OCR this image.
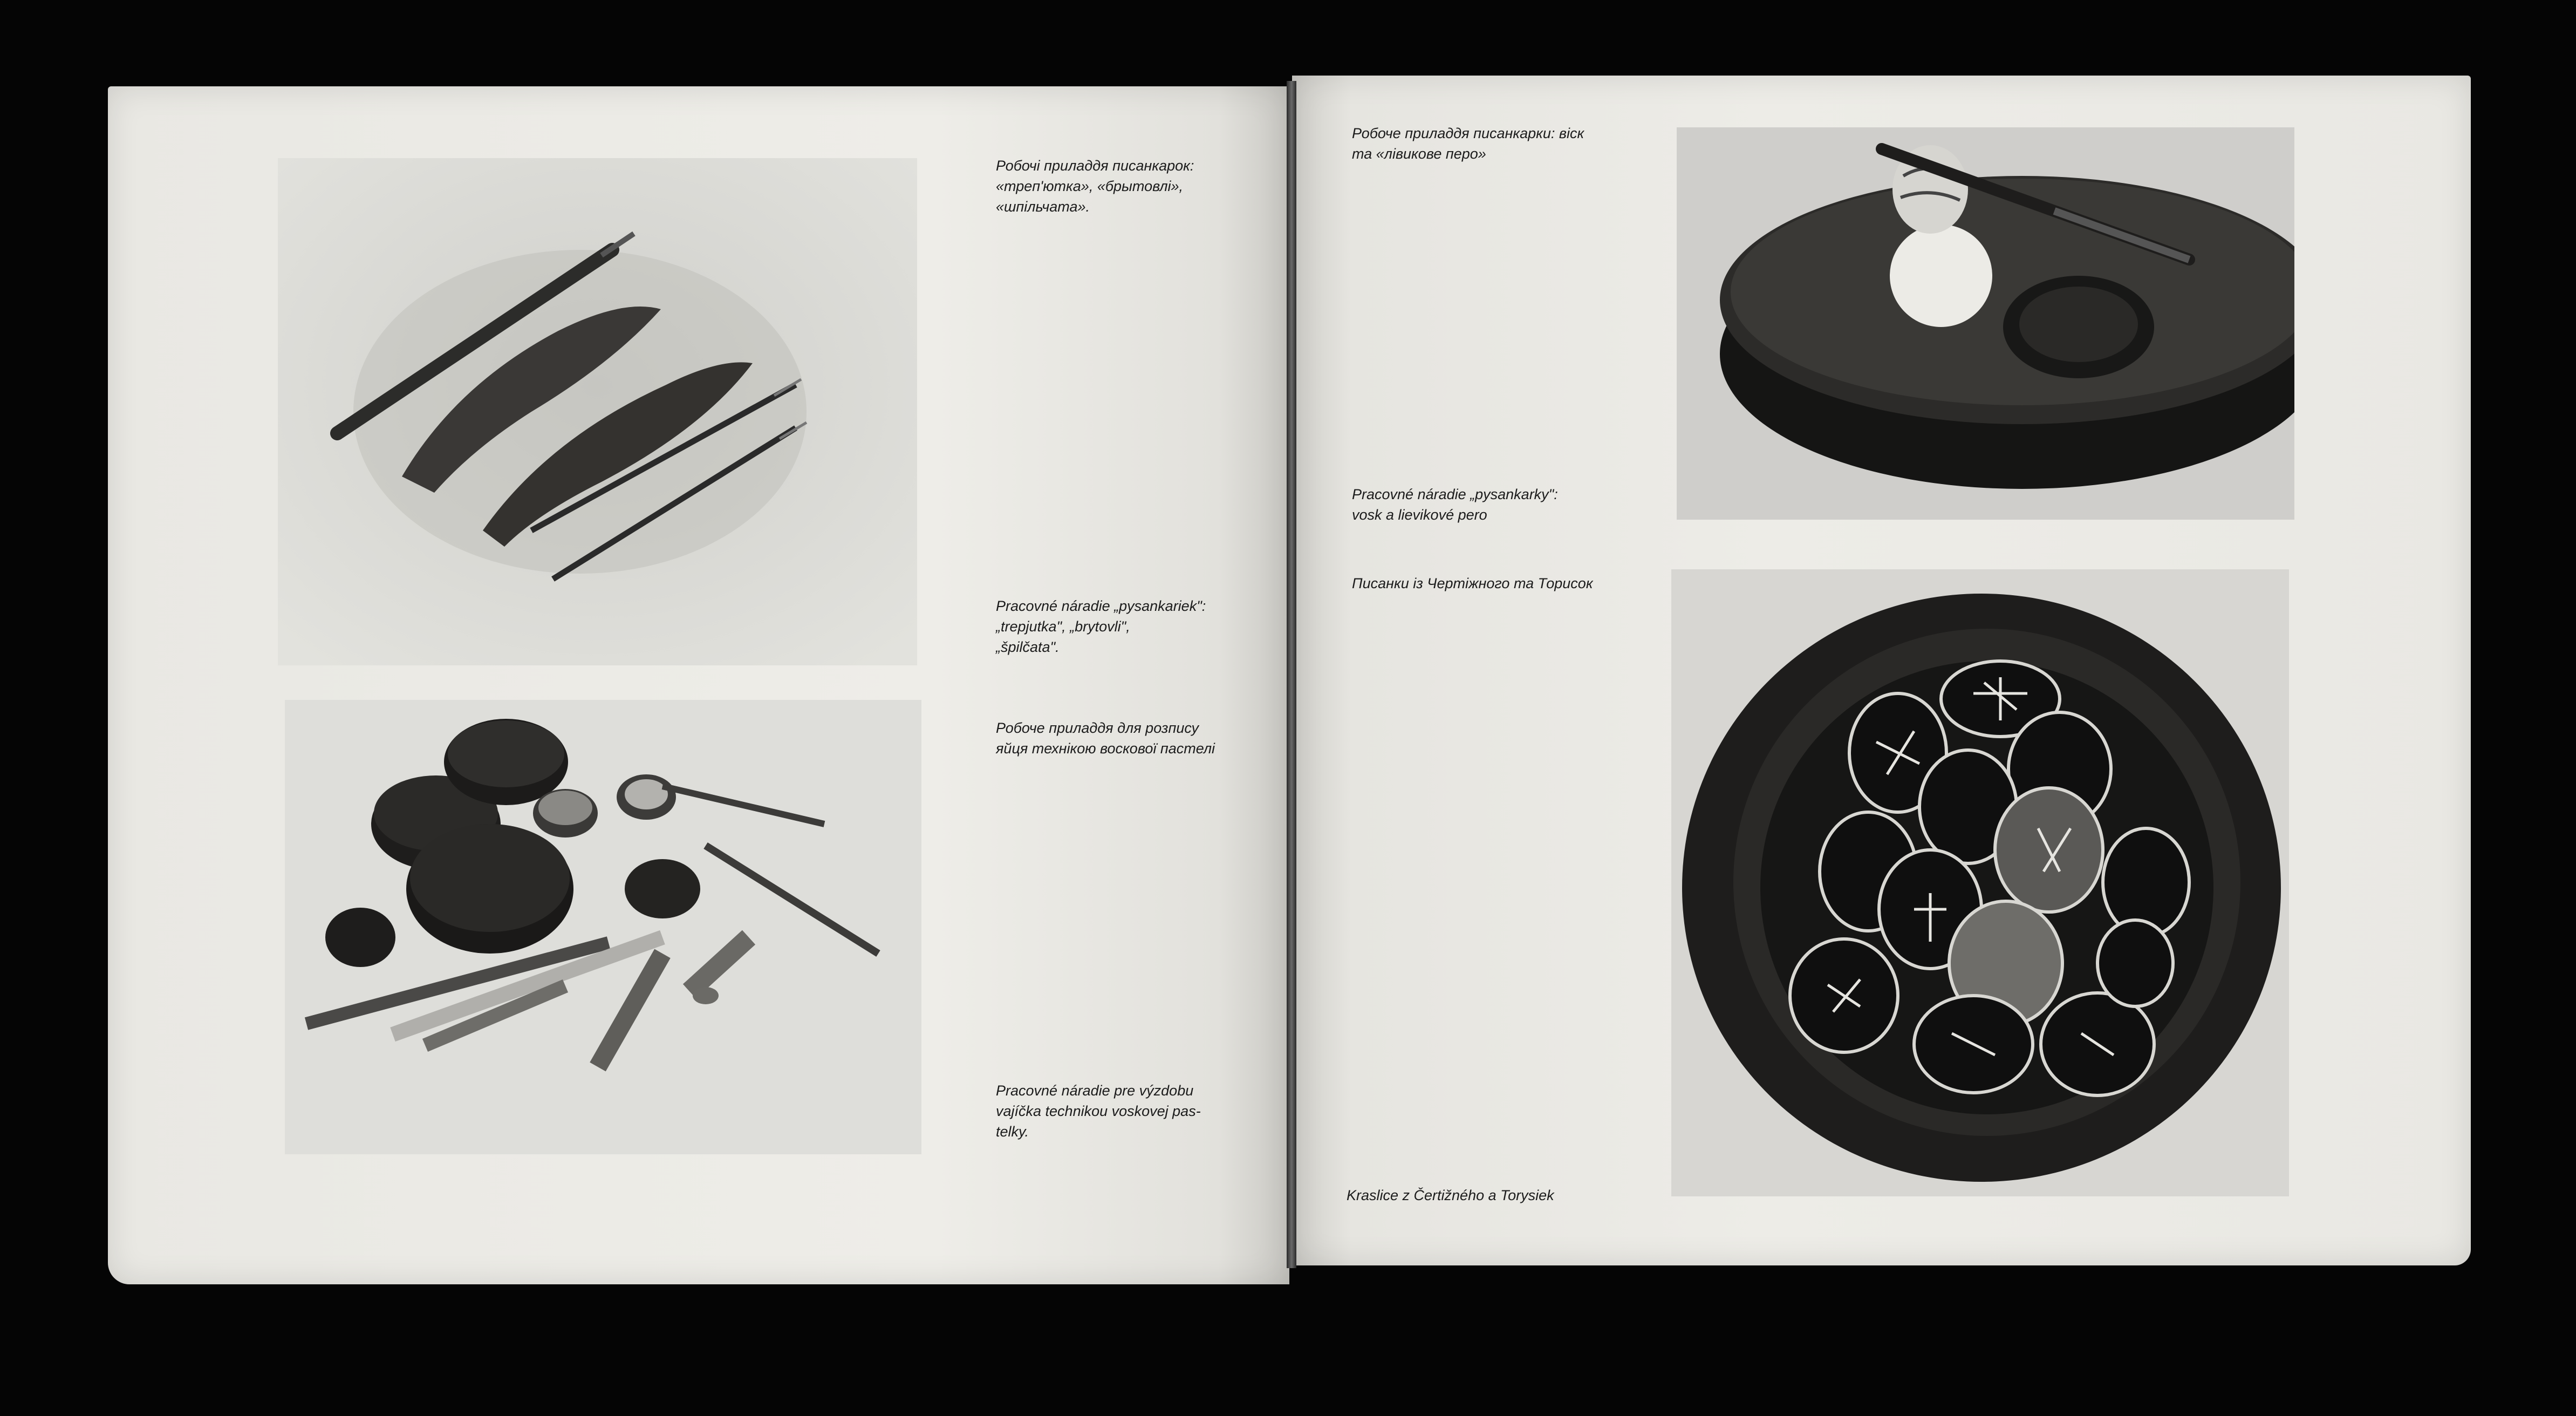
Робочі приладдя писанкарок:
«треп'ютка», «брытовлі»,
«шпільчата».
Pracovné náradie „pysankariek":
„trepjutka", „brytovli",
„špilčata".
Робоче приладдя для розпису
яйця технікою воскової пастелі
Pracovné náradie pre výzdobu
vajíčka technikou voskovej pas-
telky.
Робоче приладдя писанкарки: віск
та «лівикове перо»
Pracovné náradie „pysankarky":
vosk a lievikové pero
Писанки із Чертіжного та Торисок
Kraslice z Čertižného a Torysiek
